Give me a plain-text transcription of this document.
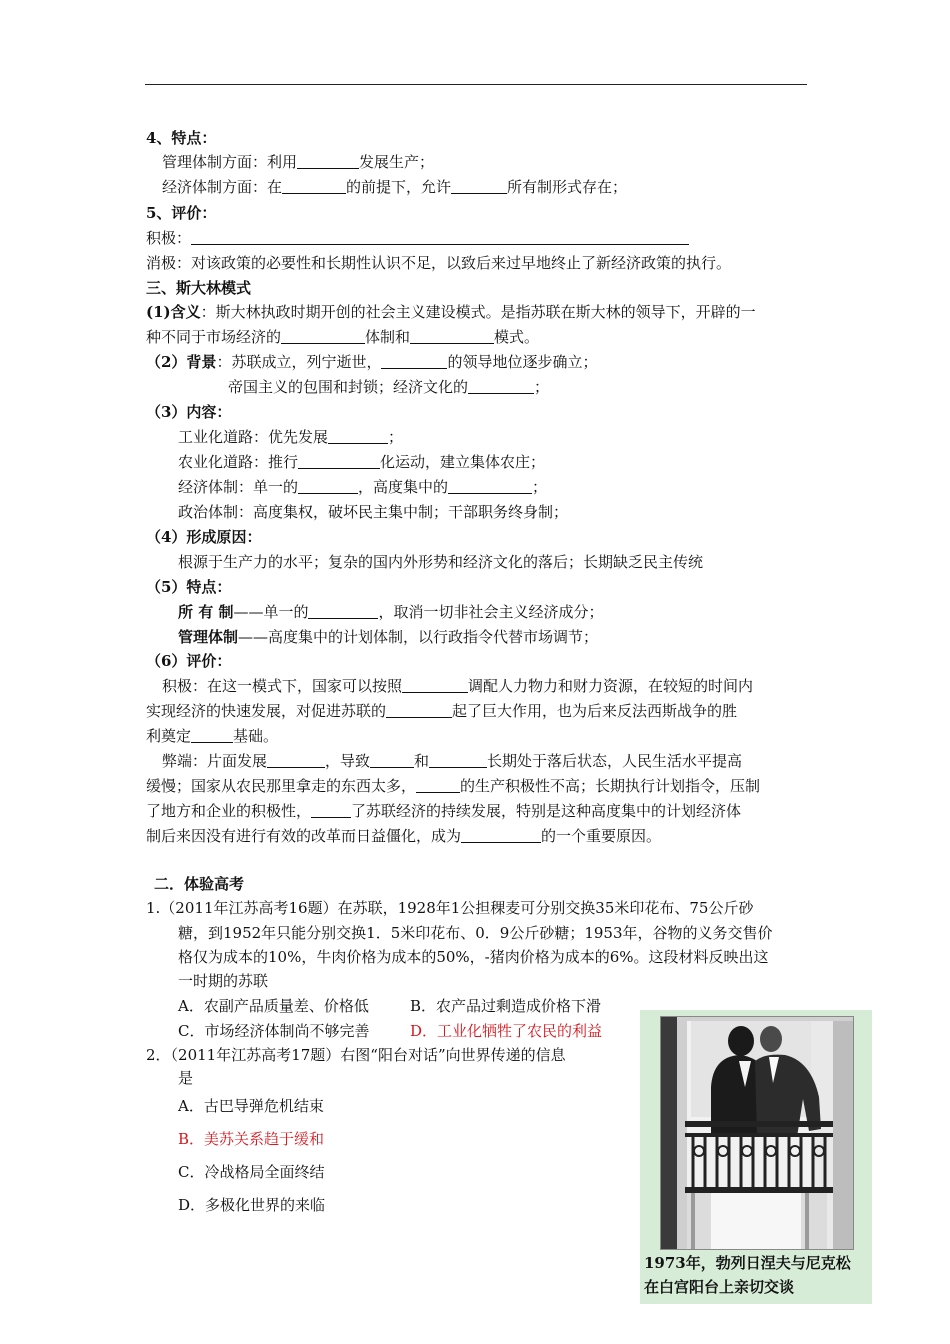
4、特点：
管理体制方面：利用	发展生产；
经济体制方面：在	的前提下，允许	所有制形式存在；
5、评价：
积极：
消极：对该政策的必要性和长期性认识不足，以致后来过早地终止了新经济政策的执行。
三、斯大林模式
(1)含义：斯大林执政时期开创的社会主义建设模式。是指苏联在斯大林的领导下，开辟的一
种不同于市场经济的	体制和	模式。
（2）背景：苏联成立，列宁逝世，	的领导地位逐步确立；
帝国主义的包围和封锁；经济文化的	；
（3）内容：
工业化道路：优先发展	；
农业化道路：推行	化运动，建立集体农庄；
经济体制：单一的	，高度集中的	；
政治体制：高度集权，破坏民主集中制；干部职务终身制；
（4）形成原因：
根源于生产力的水平；复杂的国内外形势和经济文化的落后；长期缺乏民主传统
（5）特点：
所 有 制——单一的	，取消一切非社会主义经济成分；
管理体制——高度集中的计划体制，以行政指令代替市场调节；
（6）评价：
积极：在这一模式下，国家可以按照	调配人力物力和财力资源，在较短的时间内
实现经济的快速发展，对促进苏联的	起了巨大作用，也为后来反法西斯战争的胜
利奠定	基础。
弊端：片面发展	，导致	和	长期处于落后状态，人民生活水平提高
缓慢；国家从农民那里拿走的东西太多，	的生产积极性不高；长期执行计划指令，压制
了地方和企业的积极性，	了苏联经济的持续发展，特别是这种高度集中的计划经济体
制后来因没有进行有效的改革而日益僵化，成为	的一个重要原因。
二．体验高考
1.（2011年江苏高考16题）在苏联，1928年1公担稞麦可分别交换35米印花布、75公斤砂
糖，到1952年只能分别交换1．5米印花布、0．9公斤砂糖；1953年，谷物的义务交售价
格仅为成本的10%，牛肉价格为成本的50%，-猪肉价格为成本的6%。这段材料反映出这
一时期的苏联
A．农副产品质量差、价格低	B．农产品过剩造成价格下滑
C．市场经济体制尚不够完善	D．工业化牺牲了农民的利益
2．（2011年江苏高考17题）右图“阳台对话”向世界传递的信息
是
A．古巴导弹危机结束
B．美苏关系趋于缓和
C．冷战格局全面终结
D．多极化世界的来临
1973年，勃列日涅夫与尼克松
在白宫阳台上亲切交谈
